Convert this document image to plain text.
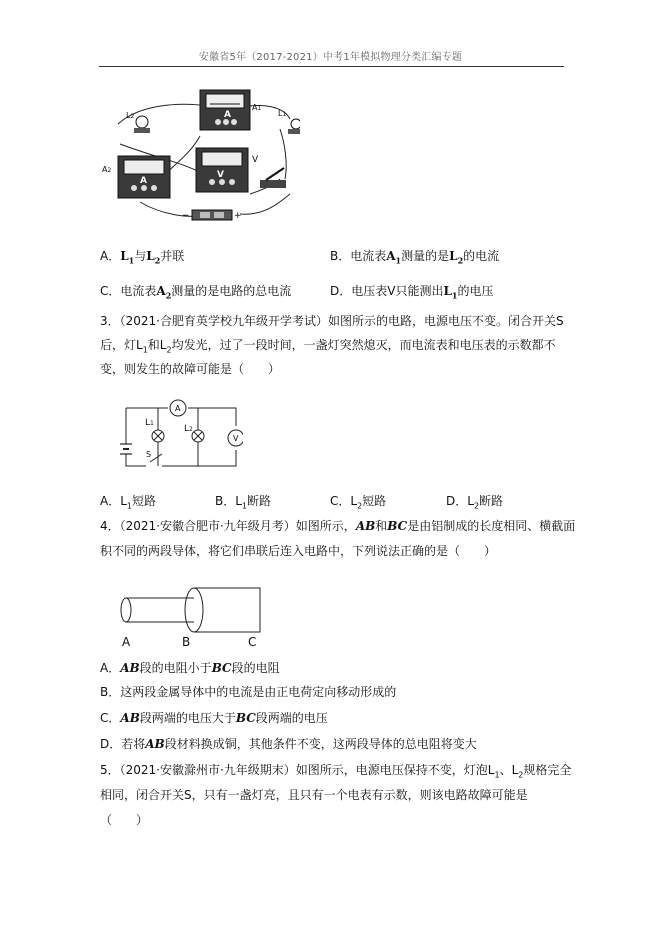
安徽省5年（2017-2021）中考1年模拟物理分类汇编专题
A
A1
A
A2	V
V
L2	L1
−	+
A．$L_1$与$L_2$并联	B．电流表$A_1$测量的是$L_2$的电流
C．电流表$A_2$测量的是电路的总电流	D．电压表V只能测出$L_1$的电压
3．（2021·合肥育英学校九年级开学考试）如图所示的电路，电源电压不变。闭合开关S
后，灯$L_1$和$L_2$均发光，过了一段时间，一盏灯突然熄灭，而电流表和电压表的示数都不
变，则发生的故障可能是（　　）
A
V
L1
L2
S
A．$L_1$短路	B．$L_1$断路	C．$L_2$短路	D．$L_2$断路
4．（2021·安徽合肥市·九年级月考）如图所示，AB和BC是由铝制成的长度相同、横截面
积不同的两段导体，将它们串联后连入电路中，下列说法正确的是（　　）
A	B	C
A．AB段的电阻小于BC段的电阻
B．这两段金属导体中的电流是由正电荷定向移动形成的
C．AB段两端的电压大于BC段两端的电压
D．若将AB段材料换成铜，其他条件不变，这两段导体的总电阻将变大
5．（2021·安徽滁州市·九年级期末）如图所示，电源电压保持不变，灯泡$L_1$、$L_2$规格完全
相同，闭合开关S，只有一盏灯亮，且只有一个电表有示数，则该电路故障可能是
（　　）
